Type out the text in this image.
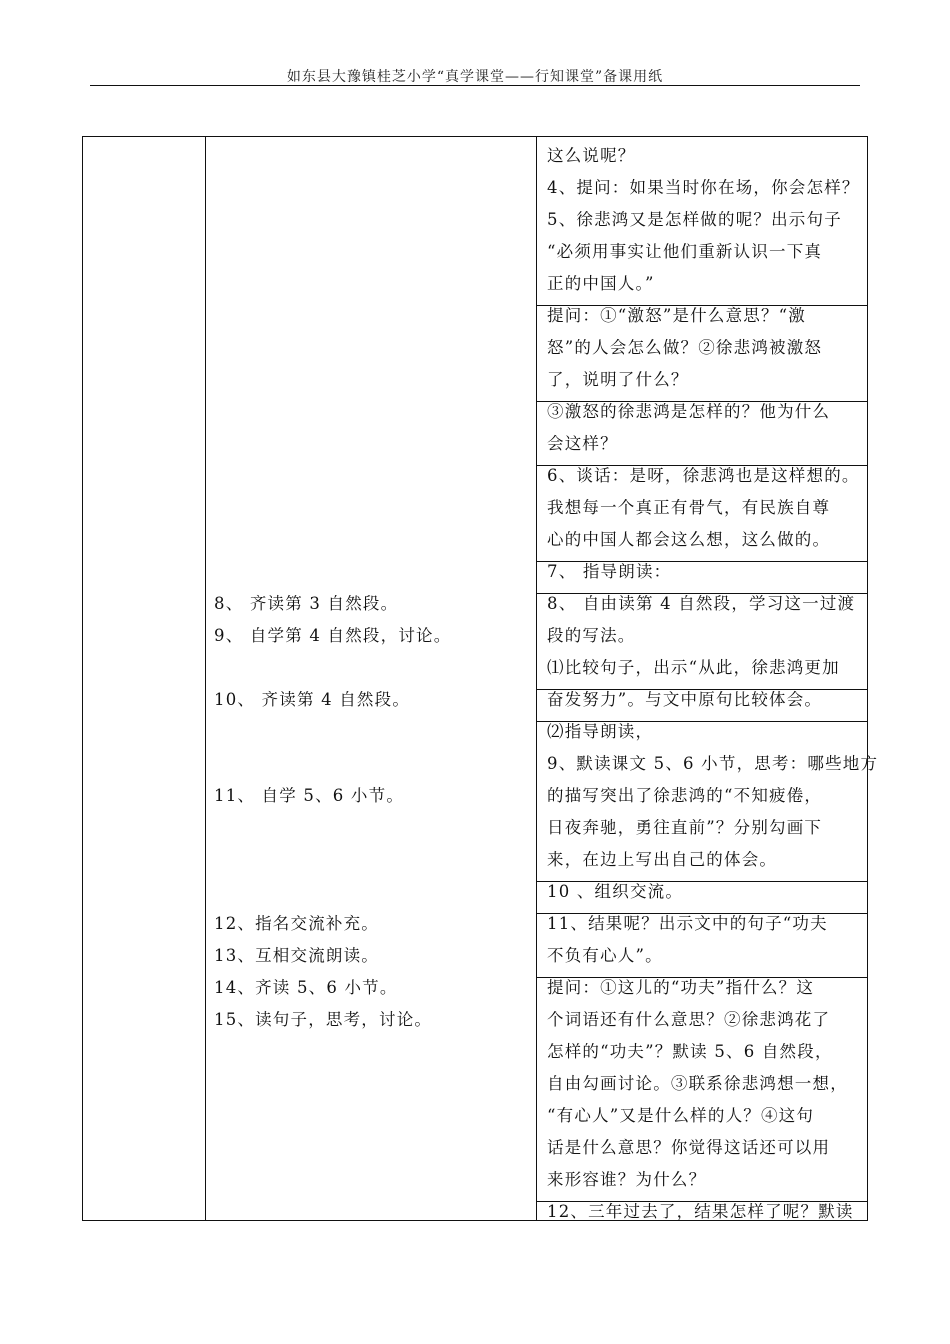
如东县大豫镇桂芝小学“真学课堂——行知课堂”备课用纸
8、 齐读第 3 自然段。
9、 自学第 4 自然段，讨论。
10、 齐读第 4 自然段。
11、 自学 5、6 小节。
12、指名交流补充。
13、互相交流朗读。
14、齐读 5、6 小节。
15、读句子，思考，讨论。
这么说呢？
4、提问：如果当时你在场，你会怎样？
5、徐悲鸿又是怎样做的呢？出示句子
“必须用事实让他们重新认识一下真
正的中国人。”
提问：①“激怒”是什么意思？“激
怒”的人会怎么做？②徐悲鸿被激怒
了，说明了什么？
③激怒的徐悲鸿是怎样的？他为什么
会这样？
6、谈话：是呀，徐悲鸿也是这样想的。
我想每一个真正有骨气，有民族自尊
心的中国人都会这么想，这么做的。
7、 指导朗读：
8、 自由读第 4 自然段，学习这一过渡
段的写法。
⑴比较句子，出示“从此，徐悲鸿更加
奋发努力”。与文中原句比较体会。
⑵指导朗读，
9、默读课文 5、6 小节，思考：哪些地方
的描写突出了徐悲鸿的“不知疲倦，
日夜奔驰，勇往直前”？分别勾画下
来，在边上写出自己的体会。
10 、组织交流。
11、结果呢？出示文中的句子“功夫
不负有心人”。
提问：①这儿的“功夫”指什么？这
个词语还有什么意思？②徐悲鸿花了
怎样的“功夫”？默读 5、6 自然段，
自由勾画讨论。③联系徐悲鸿想一想，
“有心人”又是什么样的人？④这句
话是什么意思？你觉得这话还可以用
来形容谁？为什么？
12、三年过去了，结果怎样了呢？默读
